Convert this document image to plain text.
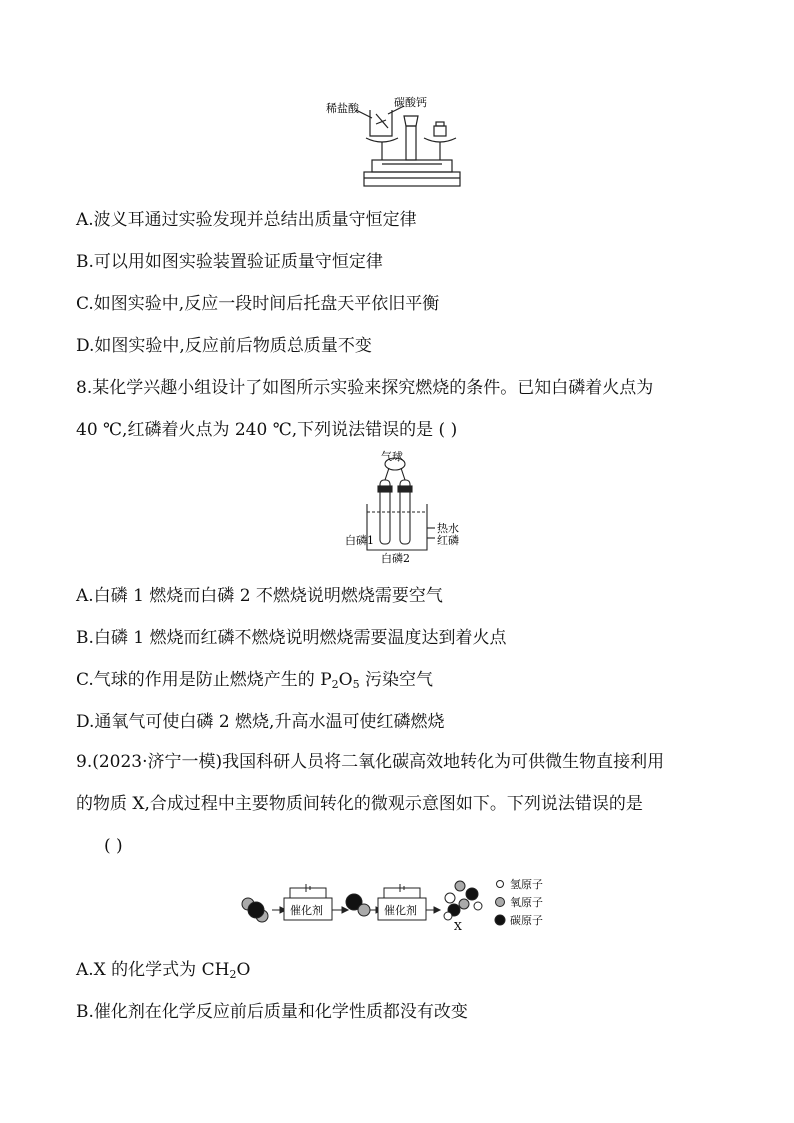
稀盐酸	碳酸钙
A.波义耳通过实验发现并总结出质量守恒定律
B.可以用如图实验装置验证质量守恒定律
C.如图实验中,反应一段时间后托盘天平依旧平衡
D.如图实验中,反应前后物质总质量不变
8.某化学兴趣小组设计了如图所示实验来探究燃烧的条件。已知白磷着火点为
40 ℃,红磷着火点为 240 ℃,下列说法错误的是 ( )
气球
热水
红磷
白磷1
白磷2
A.白磷 1 燃烧而白磷 2 不燃烧说明燃烧需要空气
B.白磷 1 燃烧而红磷不燃烧说明燃烧需要温度达到着火点
C.气球的作用是防止燃烧产生的 $P_2O_5$ 污染空气
D.通氧气可使白磷 2 燃烧,升高水温可使红磷燃烧
9.(2023·济宁一模)我国科研人员将二氧化碳高效地转化为可供微生物直接利用
的物质 X,合成过程中主要物质间转化的微观示意图如下。下列说法错误的是
( )
催化剂	催化剂
X
氢原子
氧原子
碳原子
A.X 的化学式为 $CH_2O$
B.催化剂在化学反应前后质量和化学性质都没有改变
